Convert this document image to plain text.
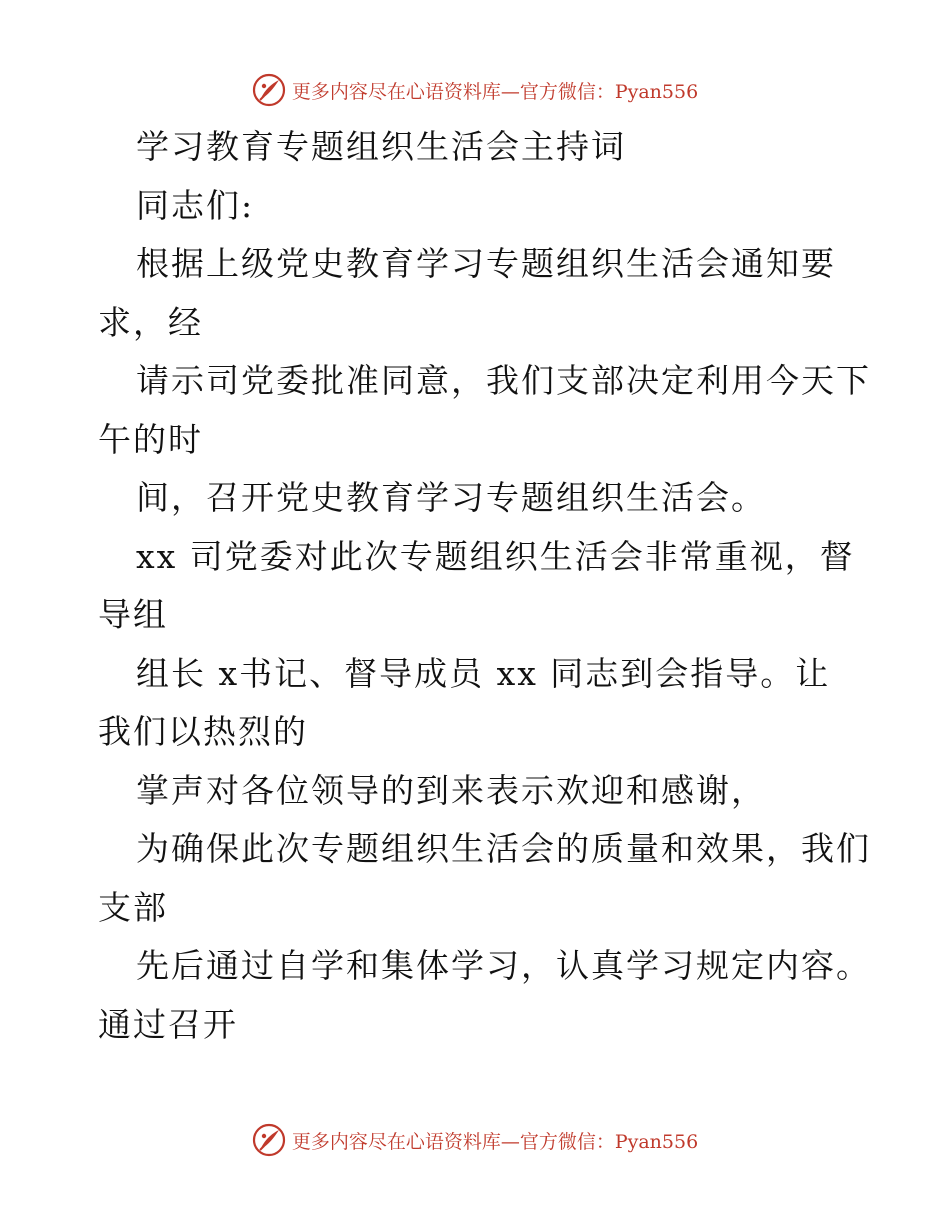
更多内容尽在心语资料库—官方微信：Pyan556
学习教育专题组织生活会主持词
同志们:
根据上级党史教育学习专题组织生活会通知要
求，经
请示司党委批准同意，我们支部决定利用今天下
午的时
间，召开党史教育学习专题组织生活会。
xx 司党委对此次专题组织生活会非常重视，督
导组
组长 x书记、督导成员 xx 同志到会指导。让
我们以热烈的
掌声对各位领导的到来表示欢迎和感谢，
为确保此次专题组织生活会的质量和效果，我们
支部
先后通过自学和集体学习，认真学习规定内容。
通过召开
更多内容尽在心语资料库—官方微信：Pyan556
